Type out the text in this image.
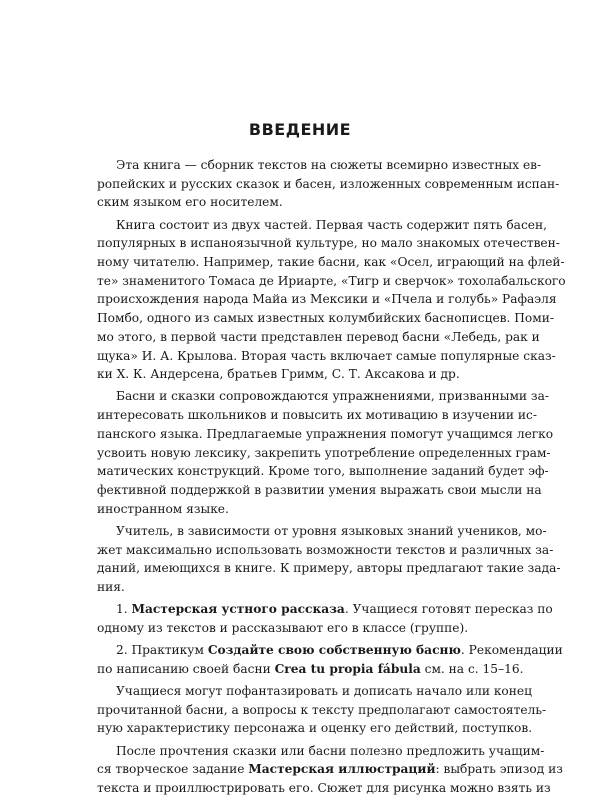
ВВЕДЕНИЕ
Эта книга — сборник текстов на сюжеты всемирно известных ев-
ропейских и русских сказок и басен, изложенных современным испан-
ским языком его носителем.
Книга состоит из двух частей. Первая часть содержит пять басен,
популярных в испаноязычной культуре, но мало знакомых отечествен-
ному читателю. Например, такие басни, как «Осел, играющий на флей-
те» знаменитого Томаса де Ириарте, «Тигр и сверчок» тохолабальского
происхождения народа Майа из Мексики и «Пчела и голубь» Рафаэля
Помбо, одного из самых известных колумбийских баснописцев. Поми-
мо этого, в первой части представлен перевод басни «Лебедь, рак и
щука» И. А. Крылова. Вторая часть включает самые популярные сказ-
ки Х. К. Андерсена, братьев Гримм, С. Т. Аксакова и др.
Басни и сказки сопровождаются упражнениями, призванными за-
интересовать школьников и повысить их мотивацию в изучении ис-
панского языка. Предлагаемые упражнения помогут учащимся легко
усвоить новую лексику, закрепить употребление определенных грам-
матических конструкций. Кроме того, выполнение заданий будет эф-
фективной поддержкой в развитии умения выражать свои мысли на
иностранном языке.
Учитель, в зависимости от уровня языковых знаний учеников, мо-
жет максимально использовать возможности текстов и различных за-
даний, имеющихся в книге. К примеру, авторы предлагают такие зада-
ния.
1. Мастерская устного рассказа. Учащиеся готовят пересказ по
одному из текстов и рассказывают его в классе (группе).
2. Практикум Создайте свою собственную басню. Рекомендации
по написанию своей басни Crea tu propia fábula см. на с. 15–16.
Учащиеся могут пофантазировать и дописать начало или конец
прочитанной басни, а вопросы к тексту предполагают самостоятель-
ную характеристику персонажа и оценку его действий, поступков.
После прочтения сказки или басни полезно предложить учащим-
ся творческое задание Мастерская иллюстраций: выбрать эпизод из
текста и проиллюстрировать его. Сюжет для рисунка можно взять из
